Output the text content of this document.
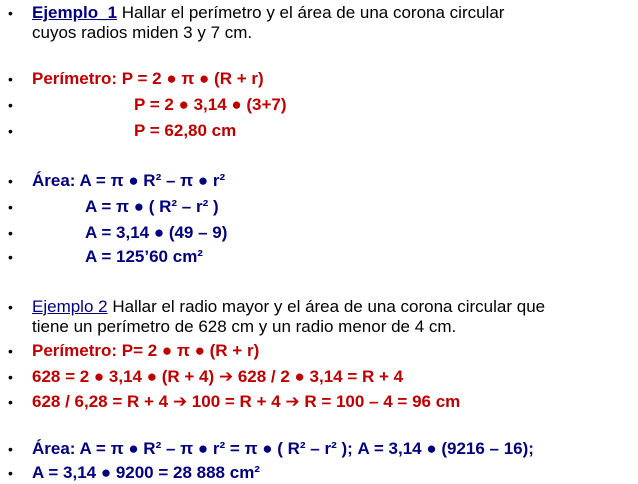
• Ejemplo_1 Hallar el perímetro y el área de una corona circular
cuyos radios miden 3 y 7 cm.
• Perímetro: P = 2 ● π ● (R + r)
•	P = 2 ● 3,14 ● (3+7)
•	P = 62,80 cm
• Área: A = π ● R² – π ● r²
•	A = π ● ( R² – r² )
•	A = 3,14 ● (49 – 9)
•	A = 125’60 cm²
• Ejemplo 2 Hallar el radio mayor y el área de una corona circular que
tiene un perímetro de 628 cm y un radio menor de 4 cm.
• Perímetro: P= 2 ● π ● (R + r)
• 628 = 2 ● 3,14 ● (R + 4) ➔ 628 / 2 ● 3,14 = R + 4
• 628 / 6,28 = R + 4 ➔ 100 = R + 4 ➔ R = 100 – 4 = 96 cm
• Área: A = π ● R² – π ● r² = π ● ( R² – r² ); A = 3,14 ● (9216 – 16);
• A = 3,14 ● 9200 = 28 888 cm²
